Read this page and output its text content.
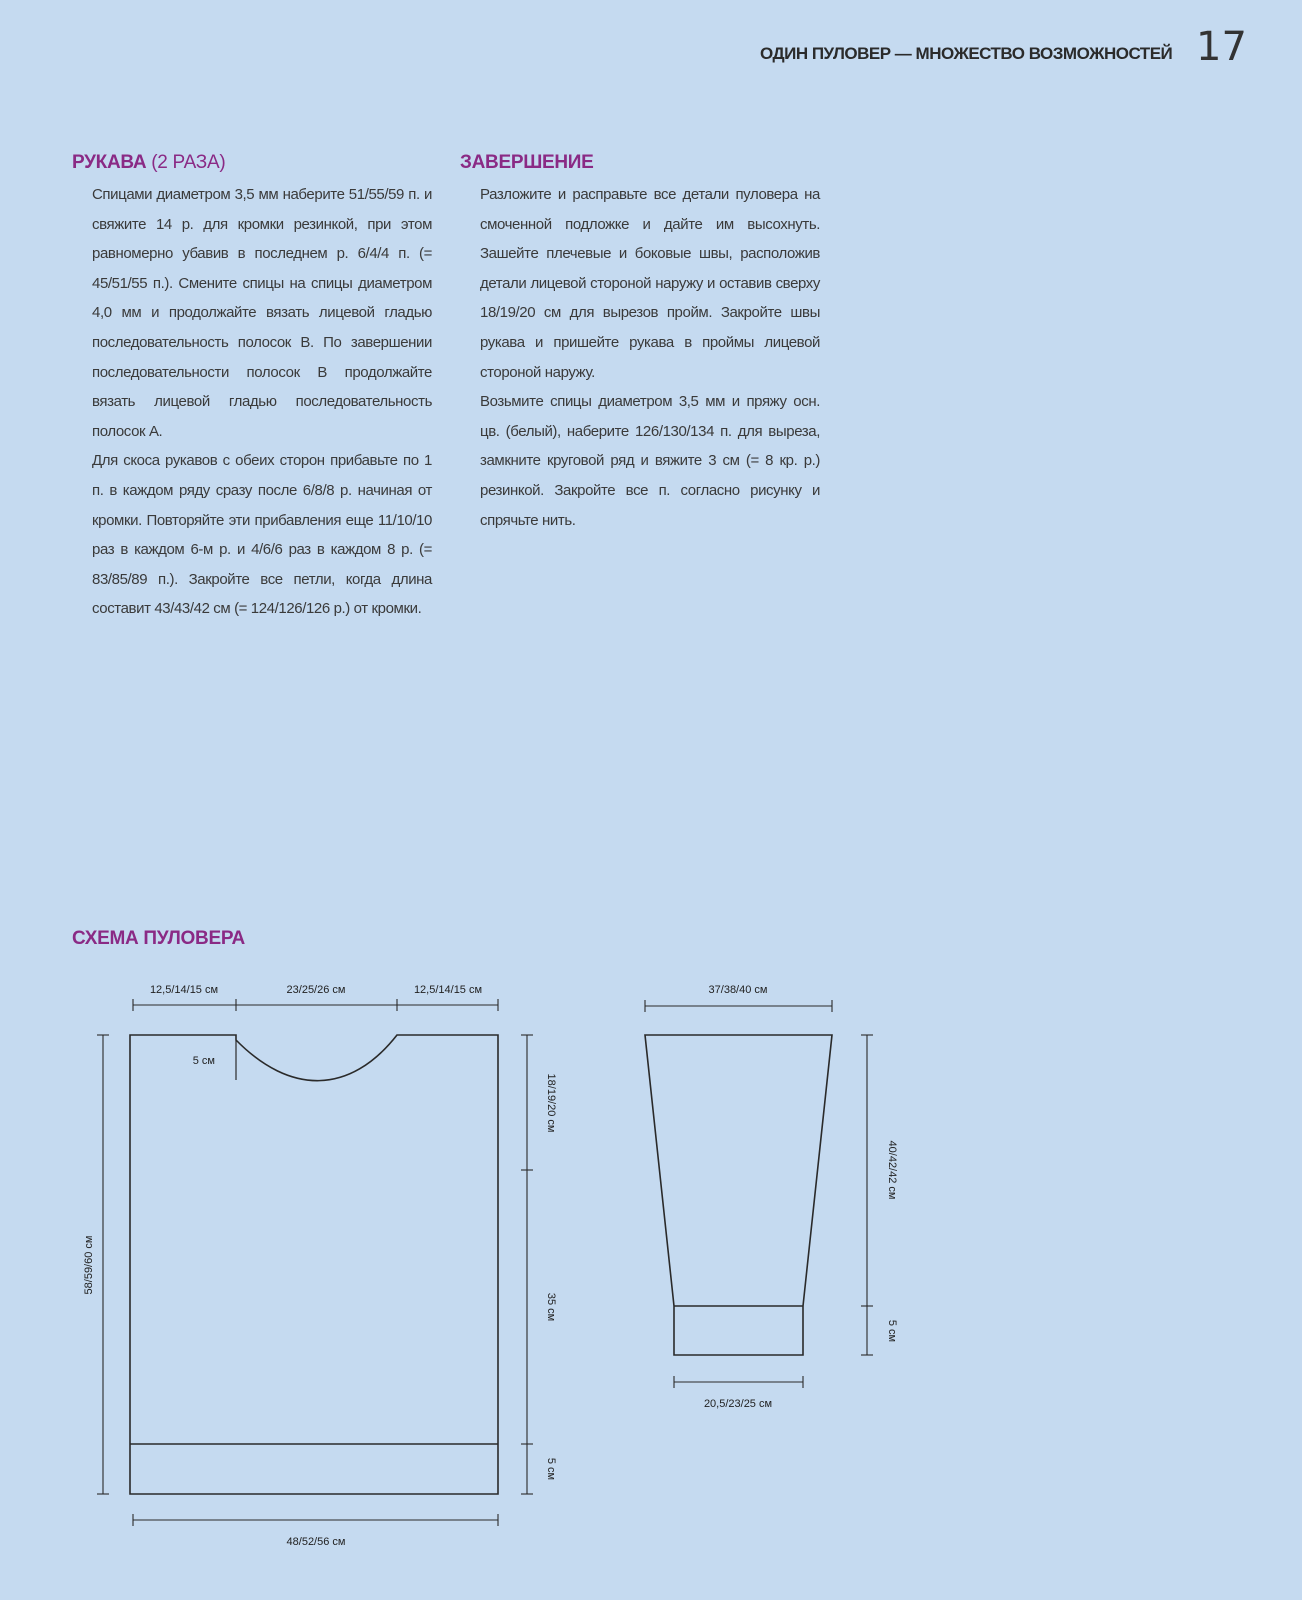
ОДИН ПУЛОВЕР — МНОЖЕСТВО ВОЗМОЖНОСТЕЙ 17
РУКАВА (2 РАЗА)

Спицами диаметром 3,5 мм наберите 51/55/59 п. и свяжите 14 р. для кромки резинкой, при этом равномерно убавив в последнем р. 6/4/4 п. (= 45/51/55 п.). Смените спицы на спицы диаметром 4,0 мм и продолжайте вязать лицевой гладью последовательность полосок B. По завершении последовательности полосок B продолжайте вязать лицевой гладью последовательность полосок A.

Для скоса рукавов с обеих сторон прибавьте по 1 п. в каждом ряду сразу после 6/8/8 р. начиная от кромки. Повторяйте эти прибавления еще 11/10/10 раз в каждом 6-м р. и 4/6/6 раз в каждом 8 р. (= 83/85/89 п.). Закройте все петли, когда длина составит 43/43/42 см (= 124/126/126 р.) от кромки.

ЗАВЕРШЕНИЕ

Разложите и расправьте все детали пуловера на смоченной подложке и дайте им высохнуть. Зашейте плечевые и боковые швы, расположив детали лицевой стороной наружу и оставив сверху 18/19/20 см для вырезов пройм. Закройте швы рукава и пришейте рукава в проймы лицевой стороной наружу.

Возьмите спицы диаметром 3,5 мм и пряжу осн. цв. (белый), наберите 126/130/134 п. для выреза, замкните круговой ряд и вяжите 3 см (= 8 кр. р.) резинкой. Закройте все п. согласно рисунку и спрячьте нить.

СХЕМА ПУЛОВЕРА
12,5/14/15 см	23/25/26 см	12,5/14/15 см
5 см
58/59/60 см
18/19/20 см
35 см
5 см
48/52/56 см
37/38/40 см
40/42/42 см
5 см
20,5/23/25 см
